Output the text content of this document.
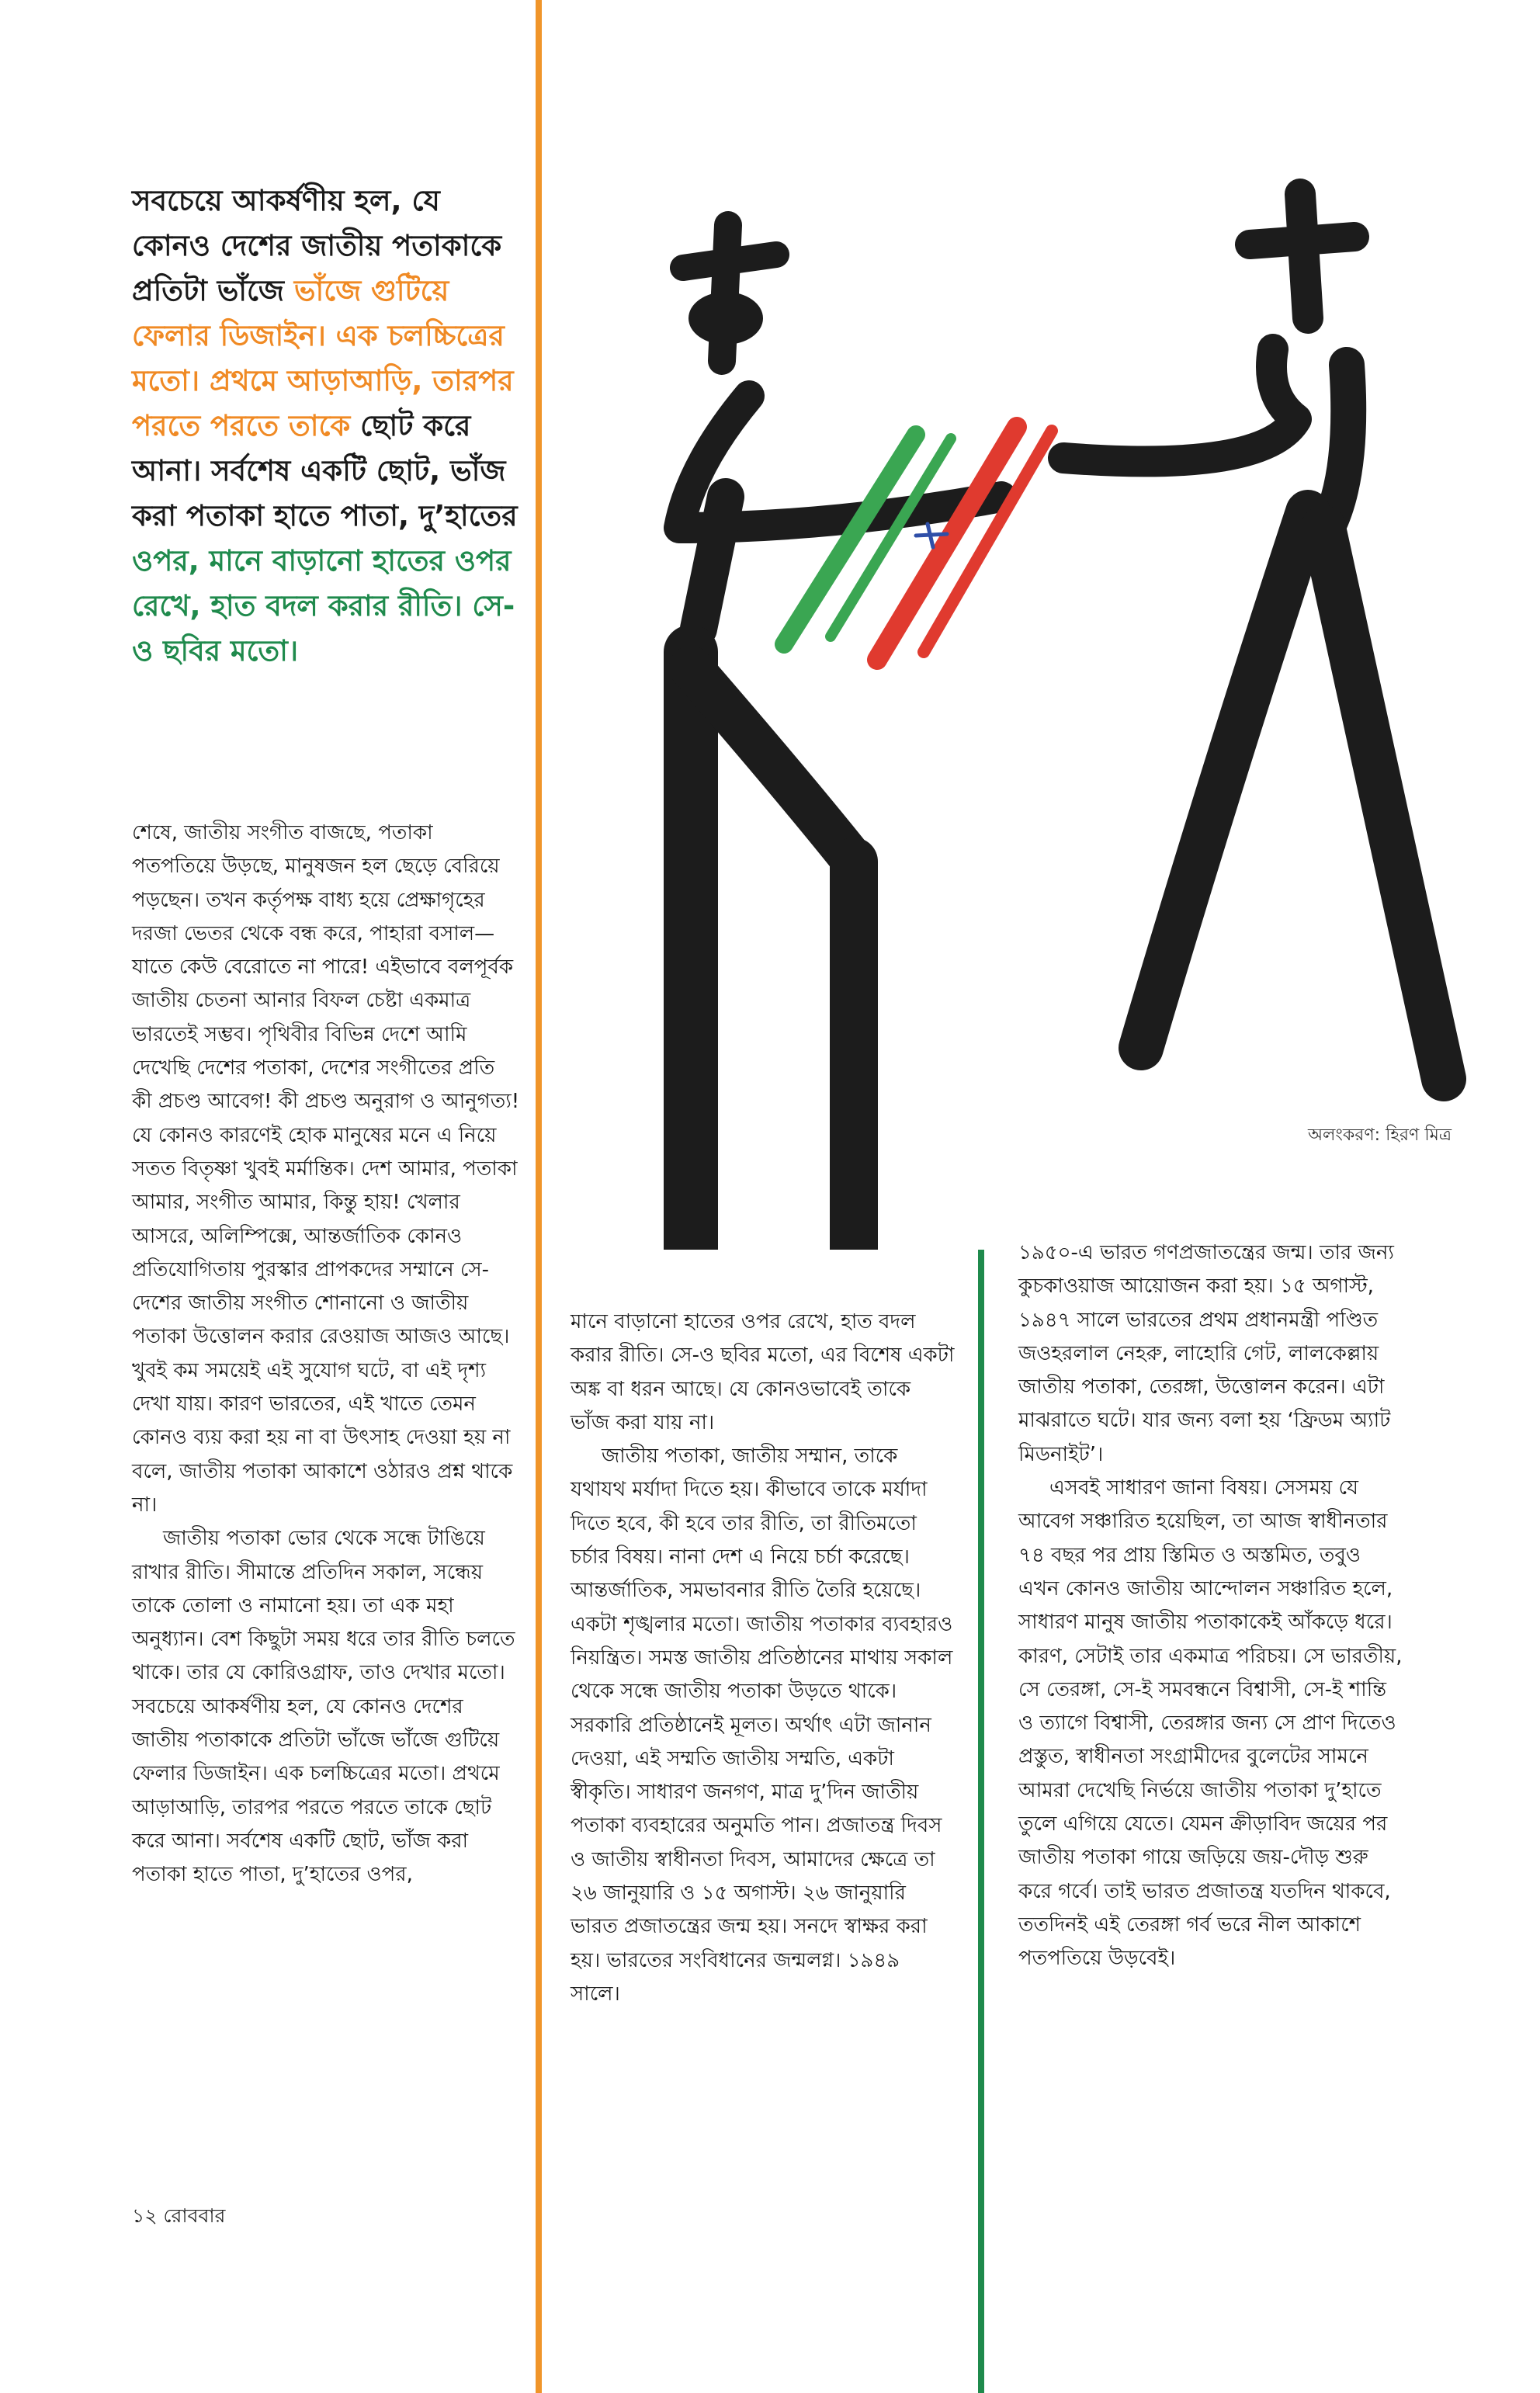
সবচেয়ে আকর্ষণীয় হল, যে কোনও দেশের জাতীয় পতাকাকে প্রতিটা ভাঁজে ভাঁজে গুটিয়ে ফেলার ডিজাইন। এক চলচ্চিত্রের মতো। প্রথমে আড়াআড়ি, তারপর পরতে পরতে তাকে ছোট করে আনা। সর্বশেষ একটি ছোট, ভাঁজ করা পতাকা হাতে পাতা, দু’হাতের ওপর, মানে বাড়ানো হাতের ওপর রেখে, হাত বদল করার রীতি। সে-ও ছবির মতো।

শেষে, জাতীয় সংগীত বাজছে, পতাকা পতপতিয়ে উড়ছে, মানুষজন হল ছেড়ে বেরিয়ে পড়ছেন। তখন কর্তৃপক্ষ বাধ্য হয়ে প্রেক্ষাগৃহের দরজা ভেতর থেকে বন্ধ করে, পাহারা বসাল— যাতে কেউ বেরোতে না পারে! এইভাবে বলপূর্বক জাতীয় চেতনা আনার বিফল চেষ্টা একমাত্র ভারতেই সম্ভব। পৃথিবীর বিভিন্ন দেশে আমি দেখেছি দেশের পতাকা, দেশের সংগীতের প্রতি কী প্রচণ্ড আবেগ! কী প্রচণ্ড অনুরাগ ও আনুগত্য! যে কোনও কারণেই হোক মানুষের মনে এ নিয়ে সতত বিতৃষ্ণা খুবই মর্মান্তিক। দেশ আমার, পতাকা আমার, সংগীত আমার, কিন্তু হায়! খেলার আসরে, অলিম্পিক্সে, আন্তর্জাতিক কোনও প্রতিযোগিতায় পুরস্কার প্রাপকদের সম্মানে সে-দেশের জাতীয় সংগীত শোনানো ও জাতীয় পতাকা উত্তোলন করার রেওয়াজ আজও আছে। খুবই কম সময়েই এই সুযোগ ঘটে, বা এই দৃশ্য দেখা যায়। কারণ ভারতের, এই খাতে তেমন কোনও ব্যয় করা হয় না বা উৎসাহ দেওয়া হয় না বলে, জাতীয় পতাকা আকাশে ওঠারও প্রশ্ন থাকে না।

জাতীয় পতাকা ভোর থেকে সন্ধে টাঙিয়ে রাখার রীতি। সীমান্তে প্রতিদিন সকাল, সন্ধেয় তাকে তোলা ও নামানো হয়। তা এক মহা অনুধ্যান। বেশ কিছুটা সময় ধরে তার রীতি চলতে থাকে। তার যে কোরিওগ্রাফ, তাও দেখার মতো। সবচেয়ে আকর্ষণীয় হল, যে কোনও দেশের জাতীয় পতাকাকে প্রতিটা ভাঁজে ভাঁজে গুটিয়ে ফেলার ডিজাইন। এক চলচ্চিত্রের মতো। প্রথমে আড়াআড়ি, তারপর পরতে পরতে তাকে ছোট করে আনা। সর্বশেষ একটি ছোট, ভাঁজ করা পতাকা হাতে পাতা, দু’হাতের ওপর,

অলংকরণ: হিরণ মিত্র

মানে বাড়ানো হাতের ওপর রেখে, হাত বদল করার রীতি। সে-ও ছবির মতো, এর বিশেষ একটা অঙ্ক বা ধরন আছে। যে কোনওভাবেই তাকে ভাঁজ করা যায় না।

জাতীয় পতাকা, জাতীয় সম্মান, তাকে যথাযথ মর্যাদা দিতে হয়। কীভাবে তাকে মর্যাদা দিতে হবে, কী হবে তার রীতি, তা রীতিমতো চর্চার বিষয়। নানা দেশ এ নিয়ে চর্চা করেছে। আন্তর্জাতিক, সমভাবনার রীতি তৈরি হয়েছে। একটা শৃঙ্খলার মতো। জাতীয় পতাকার ব্যবহারও নিয়ন্ত্রিত। সমস্ত জাতীয় প্রতিষ্ঠানের মাথায় সকাল থেকে সন্ধে জাতীয় পতাকা উড়তে থাকে। সরকারি প্রতিষ্ঠানেই মূলত। অর্থাৎ এটা জানান দেওয়া, এই সম্মতি জাতীয় সম্মতি, একটা স্বীকৃতি। সাধারণ জনগণ, মাত্র দু’দিন জাতীয় পতাকা ব্যবহারের অনুমতি পান। প্রজাতন্ত্র দিবস ও জাতীয় স্বাধীনতা দিবস, আমাদের ক্ষেত্রে তা ২৬ জানুয়ারি ও ১৫ অগাস্ট। ২৬ জানুয়ারি ভারত প্রজাতন্ত্রের জন্ম হয়। সনদে স্বাক্ষর করা হয়। ভারতের সংবিধানের জন্মলগ্ন। ১৯৪৯ সালে।

১৯৫০-এ ভারত গণপ্রজাতন্ত্রের জন্ম। তার জন্য কুচকাওয়াজ আয়োজন করা হয়। ১৫ অগাস্ট, ১৯৪৭ সালে ভারতের প্রথম প্রধানমন্ত্রী পণ্ডিত জওহরলাল নেহরু, লাহোরি গেট, লালকেল্লায় জাতীয় পতাকা, তেরঙ্গা, উত্তোলন করেন। এটা মাঝরাতে ঘটে। যার জন্য বলা হয় ‘ফ্রিডম অ্যাট মিডনাইট’।

এসবই সাধারণ জানা বিষয়। সেসময় যে আবেগ সঞ্চারিত হয়েছিল, তা আজ স্বাধীনতার ৭৪ বছর পর প্রায় স্তিমিত ও অস্তমিত, তবুও এখন কোনও জাতীয় আন্দোলন সঞ্চারিত হলে, সাধারণ মানুষ জাতীয় পতাকাকেই আঁকড়ে ধরে। কারণ, সেটাই তার একমাত্র পরিচয়। সে ভারতীয়, সে তেরঙ্গা, সে-ই সমবন্ধনে বিশ্বাসী, সে-ই শান্তি ও ত্যাগে বিশ্বাসী, তেরঙ্গার জন্য সে প্রাণ দিতেও প্রস্তুত, স্বাধীনতা সংগ্রামীদের বুলেটের সামনে আমরা দেখেছি নির্ভয়ে জাতীয় পতাকা দু’হাতে তুলে এগিয়ে যেতে। যেমন ক্রীড়াবিদ জয়ের পর জাতীয় পতাকা গায়ে জড়িয়ে জয়-দৌড় শুরু করে গর্বে। তাই ভারত প্রজাতন্ত্র যতদিন থাকবে, ততদিনই এই তেরঙ্গা গর্ব ভরে নীল আকাশে পতপতিয়ে উড়বেই।

১২ রোববার
